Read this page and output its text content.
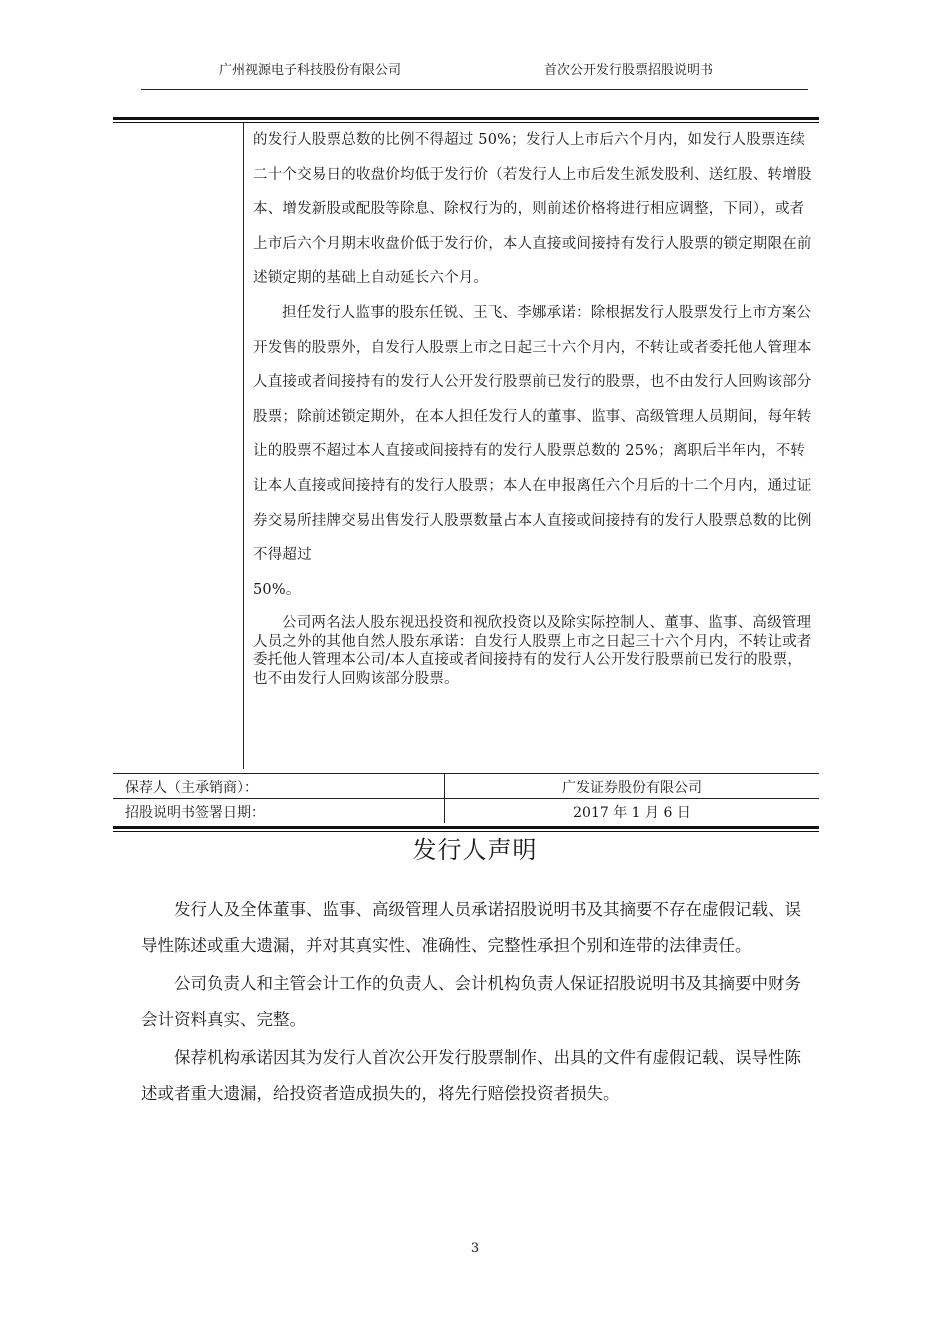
广州视源电子科技股份有限公司	首次公开发行股票招股说明书

的发行人股票总数的比例不得超过 50%；发行人上市后六个月内，如发行人股票连续二十个交易日的收盘价均低于发行价（若发行人上市后发生派发股利、送红股、转增股本、增发新股或配股等除息、除权行为的，则前述价格将进行相应调整，下同），或者上市后六个月期末收盘价低于发行价，本人直接或间接持有发行人股票的锁定期限在前述锁定期的基础上自动延长六个月。

担任发行人监事的股东任锐、王飞、李娜承诺：除根据发行人股票发行上市方案公开发售的股票外，自发行人股票上市之日起三十六个月内，不转让或者委托他人管理本人直接或者间接持有的发行人公开发行股票前已发行的股票，也不由发行人回购该部分股票；除前述锁定期外，在本人担任发行人的董事、监事、高级管理人员期间，每年转让的股票不超过本人直接或间接持有的发行人股票总数的 25%；离职后半年内，不转让本人直接或间接持有的发行人股票；本人在申报离任六个月后的十二个月内，通过证券交易所挂牌交易出售发行人股票数量占本人直接或间接持有的发行人股票总数的比例不得超过

50%。

公司两名法人股东视迅投资和视欣投资以及除实际控制人、董事、监事、高级管理人员之外的其他自然人股东承诺：自发行人股票上市之日起三十六个月内，不转让或者委托他人管理本公司/本人直接或者间接持有的发行人公开发行股票前已发行的股票，也不由发行人回购该部分股票。

保荐人（主承销商）：	广发证券股份有限公司
招股说明书签署日期：	2017 年 1 月 6 日
发行人声明

发行人及全体董事、监事、高级管理人员承诺招股说明书及其摘要不存在虚假记载、误导性陈述或重大遗漏，并对其真实性、准确性、完整性承担个别和连带的法律责任。

公司负责人和主管会计工作的负责人、会计机构负责人保证招股说明书及其摘要中财务会计资料真实、完整。

保荐机构承诺因其为发行人首次公开发行股票制作、出具的文件有虚假记载、误导性陈述或者重大遗漏，给投资者造成损失的，将先行赔偿投资者损失。

3
